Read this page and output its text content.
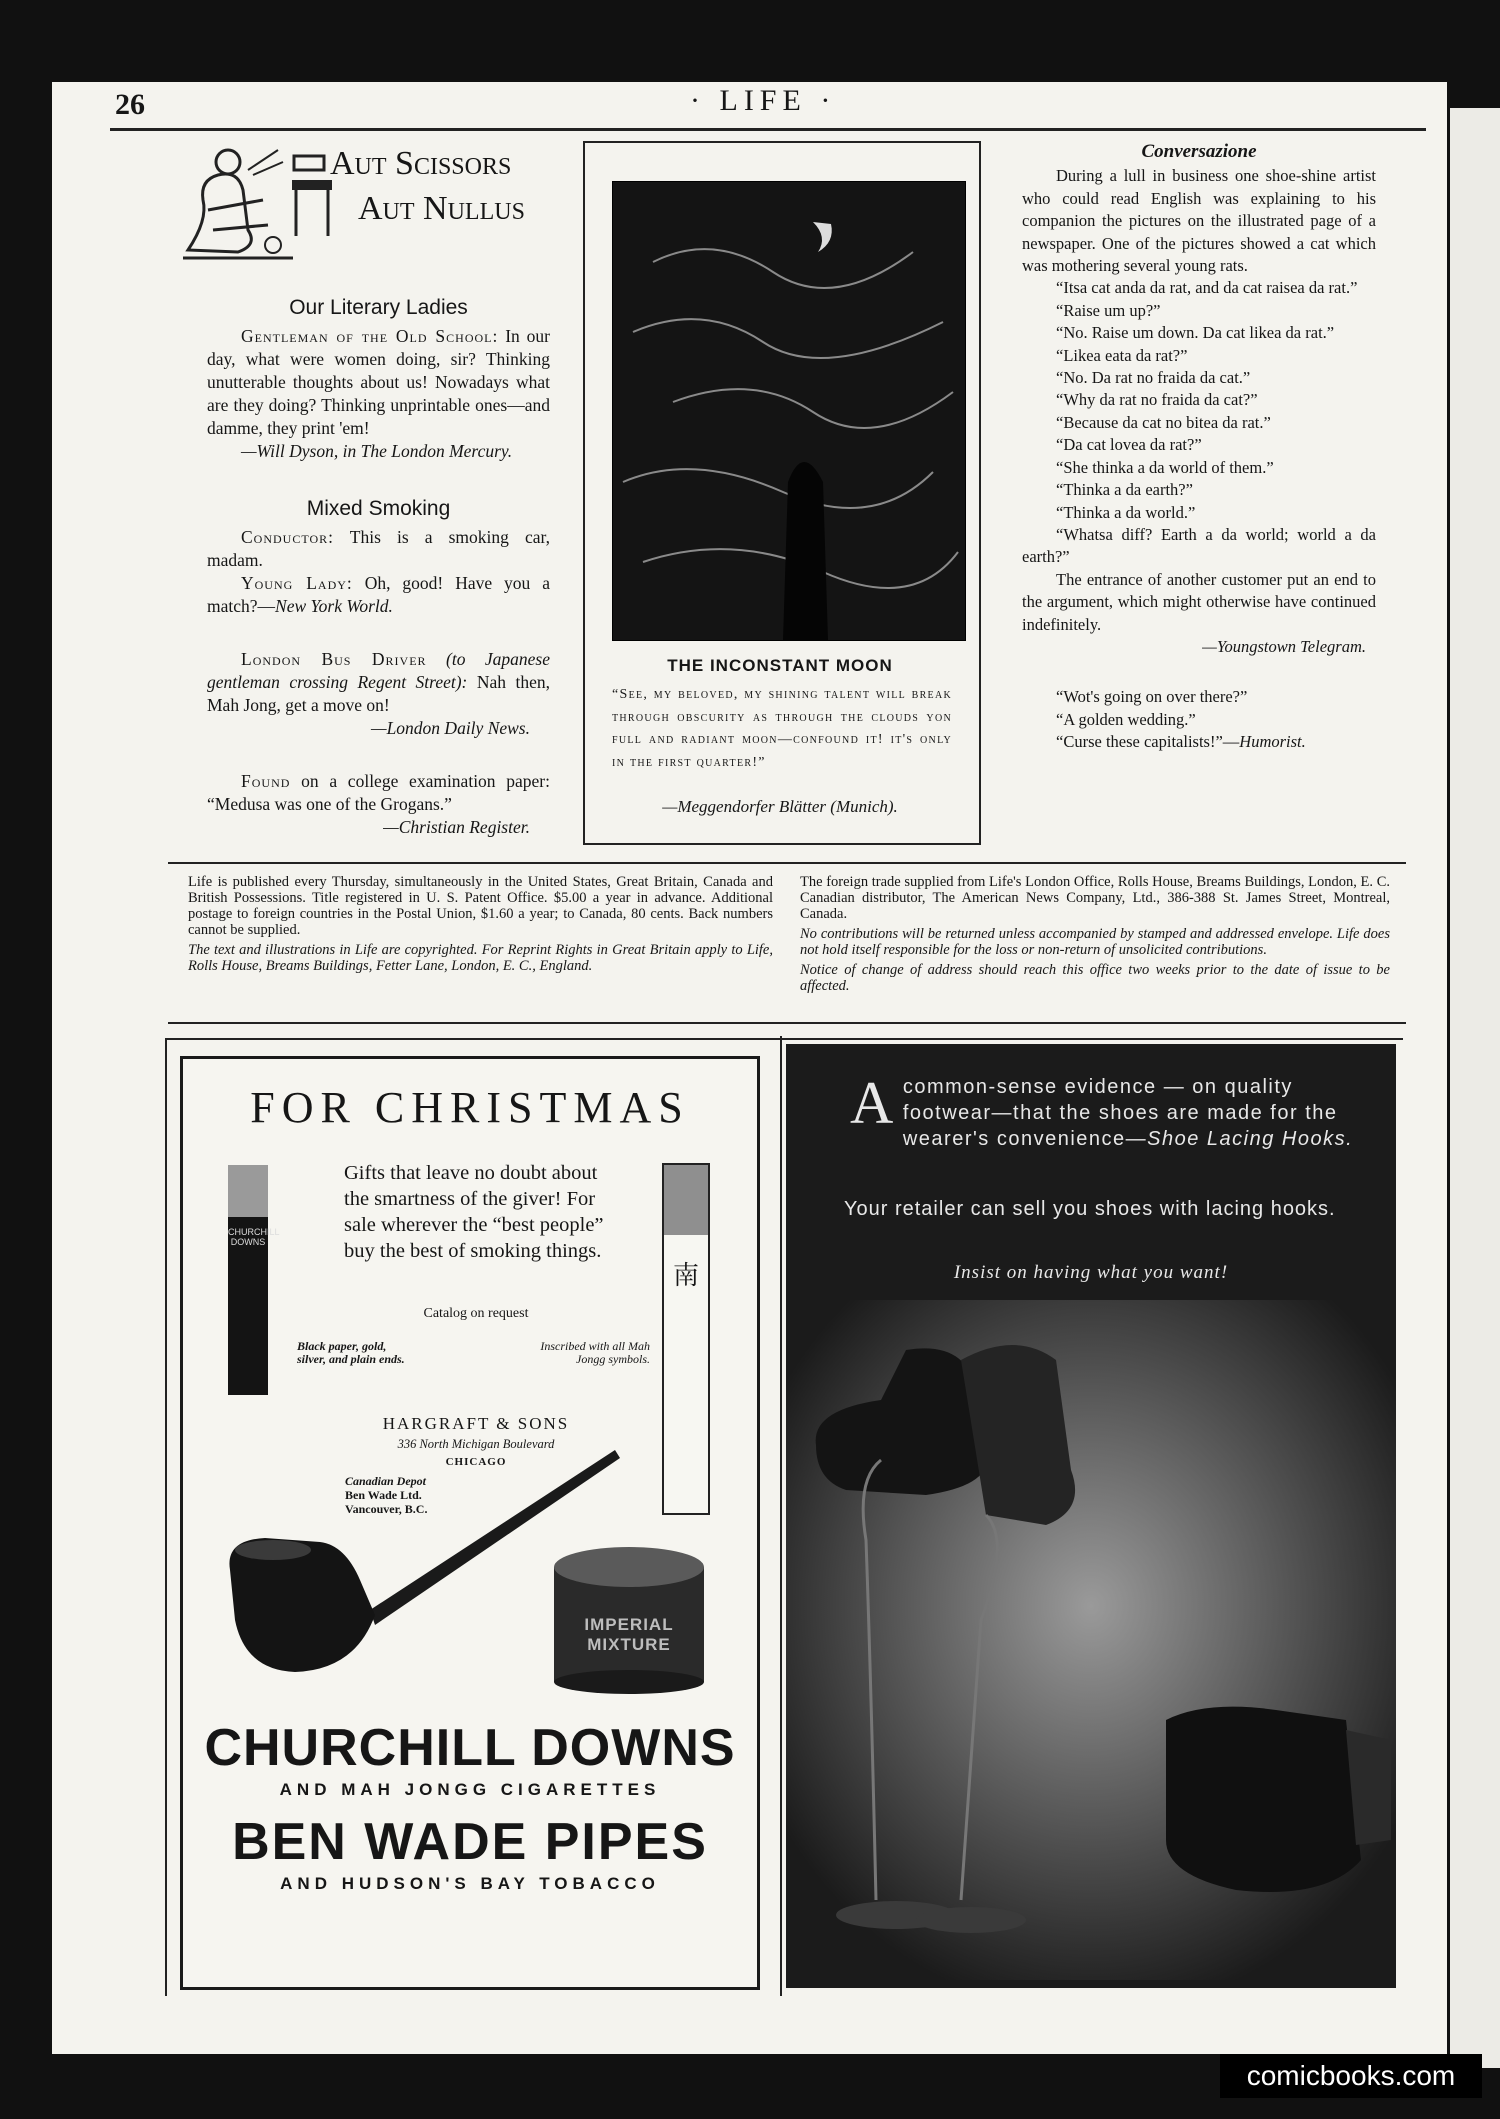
26	· LIFE ·
Aut Scissors
Aut Nullus

Our Literary Ladies

Gentleman of the Old School: In our day, what were women doing, sir? Thinking unutterable thoughts about us! Nowadays what are they doing? Thinking unprintable ones—and damme, they print 'em!

—Will Dyson, in The London Mercury.

Mixed Smoking

Conductor: This is a smoking car, madam.

Young Lady: Oh, good! Have you a match?—New York World.

London Bus Driver (to Japanese gentleman crossing Regent Street): Nah then, Mah Jong, get a move on!

—London Daily News.

Found on a college examination paper: “Medusa was one of the Grogans.”

—Christian Register.

THE INCONSTANT MOON
“See, my beloved, my shining talent will break through obscurity as through the clouds yon full and radiant moon—confound it! it's only in the first quarter!”
—Meggendorfer Blätter (Munich).

Conversazione

During a lull in business one shoe-shine artist who could read English was explaining to his companion the pictures on the illustrated page of a newspaper. One of the pictures showed a cat which was mothering several young rats.

“Itsa cat anda da rat, and da cat raisea da rat.”

“Raise um up?”

“No. Raise um down. Da cat likea da rat.”

“Likea eata da rat?”

“No. Da rat no fraida da cat.”

“Why da rat no fraida da cat?”

“Because da cat no bitea da rat.”

“Da cat lovea da rat?”

“She thinka a da world of them.”

“Thinka a da earth?”

“Thinka a da world.”

“Whatsa diff? Earth a da world; world a da earth?”

The entrance of another customer put an end to the argument, which might otherwise have continued indefinitely.

—Youngstown Telegram.

“Wot's going on over there?”

“A golden wedding.”

“Curse these capitalists!”—Humorist.

Life is published every Thursday, simultaneously in the United States, Great Britain, Canada and British Possessions. Title registered in U. S. Patent Office. $5.00 a year in advance. Additional postage to foreign countries in the Postal Union, $1.60 a year; to Canada, 80 cents. Back numbers cannot be supplied.

The text and illustrations in Life are copyrighted. For Reprint Rights in Great Britain apply to Life, Rolls House, Breams Buildings, Fetter Lane, London, E. C., England.

The foreign trade supplied from Life's London Office, Rolls House, Breams Buildings, London, E. C. Canadian distributor, The American News Company, Ltd., 386-388 St. James Street, Montreal, Canada.

No contributions will be returned unless accompanied by stamped and addressed envelope. Life does not hold itself responsible for the loss or non-return of unsolicited contributions.

Notice of change of address should reach this office two weeks prior to the date of issue to be affected.

FOR CHRISTMAS
CHURCHILL DOWNS
Gifts that leave no doubt about the smartness of the giver! For sale wherever the “best people” buy the best of smoking things.
Catalog on request
Black paper, gold, silver, and plain ends.
Inscribed with all Mah Jongg symbols.
南
HARGRAFT & SONS
336 North Michigan Boulevard
CHICAGO
Canadian Depot
Ben Wade Ltd.
Vancouver, B.C.
IMPERIAL
MIXTURE
CHURCHILL DOWNS
AND MAH JONGG CIGARETTES
BEN WADE PIPES
AND HUDSON'S BAY TOBACCO
A common-sense evidence — on quality footwear—that the shoes are made for the wearer's convenience—Shoe Lacing Hooks.
Your retailer can sell you shoes with lacing hooks.
Insist on having what you want!
comicbooks.com
